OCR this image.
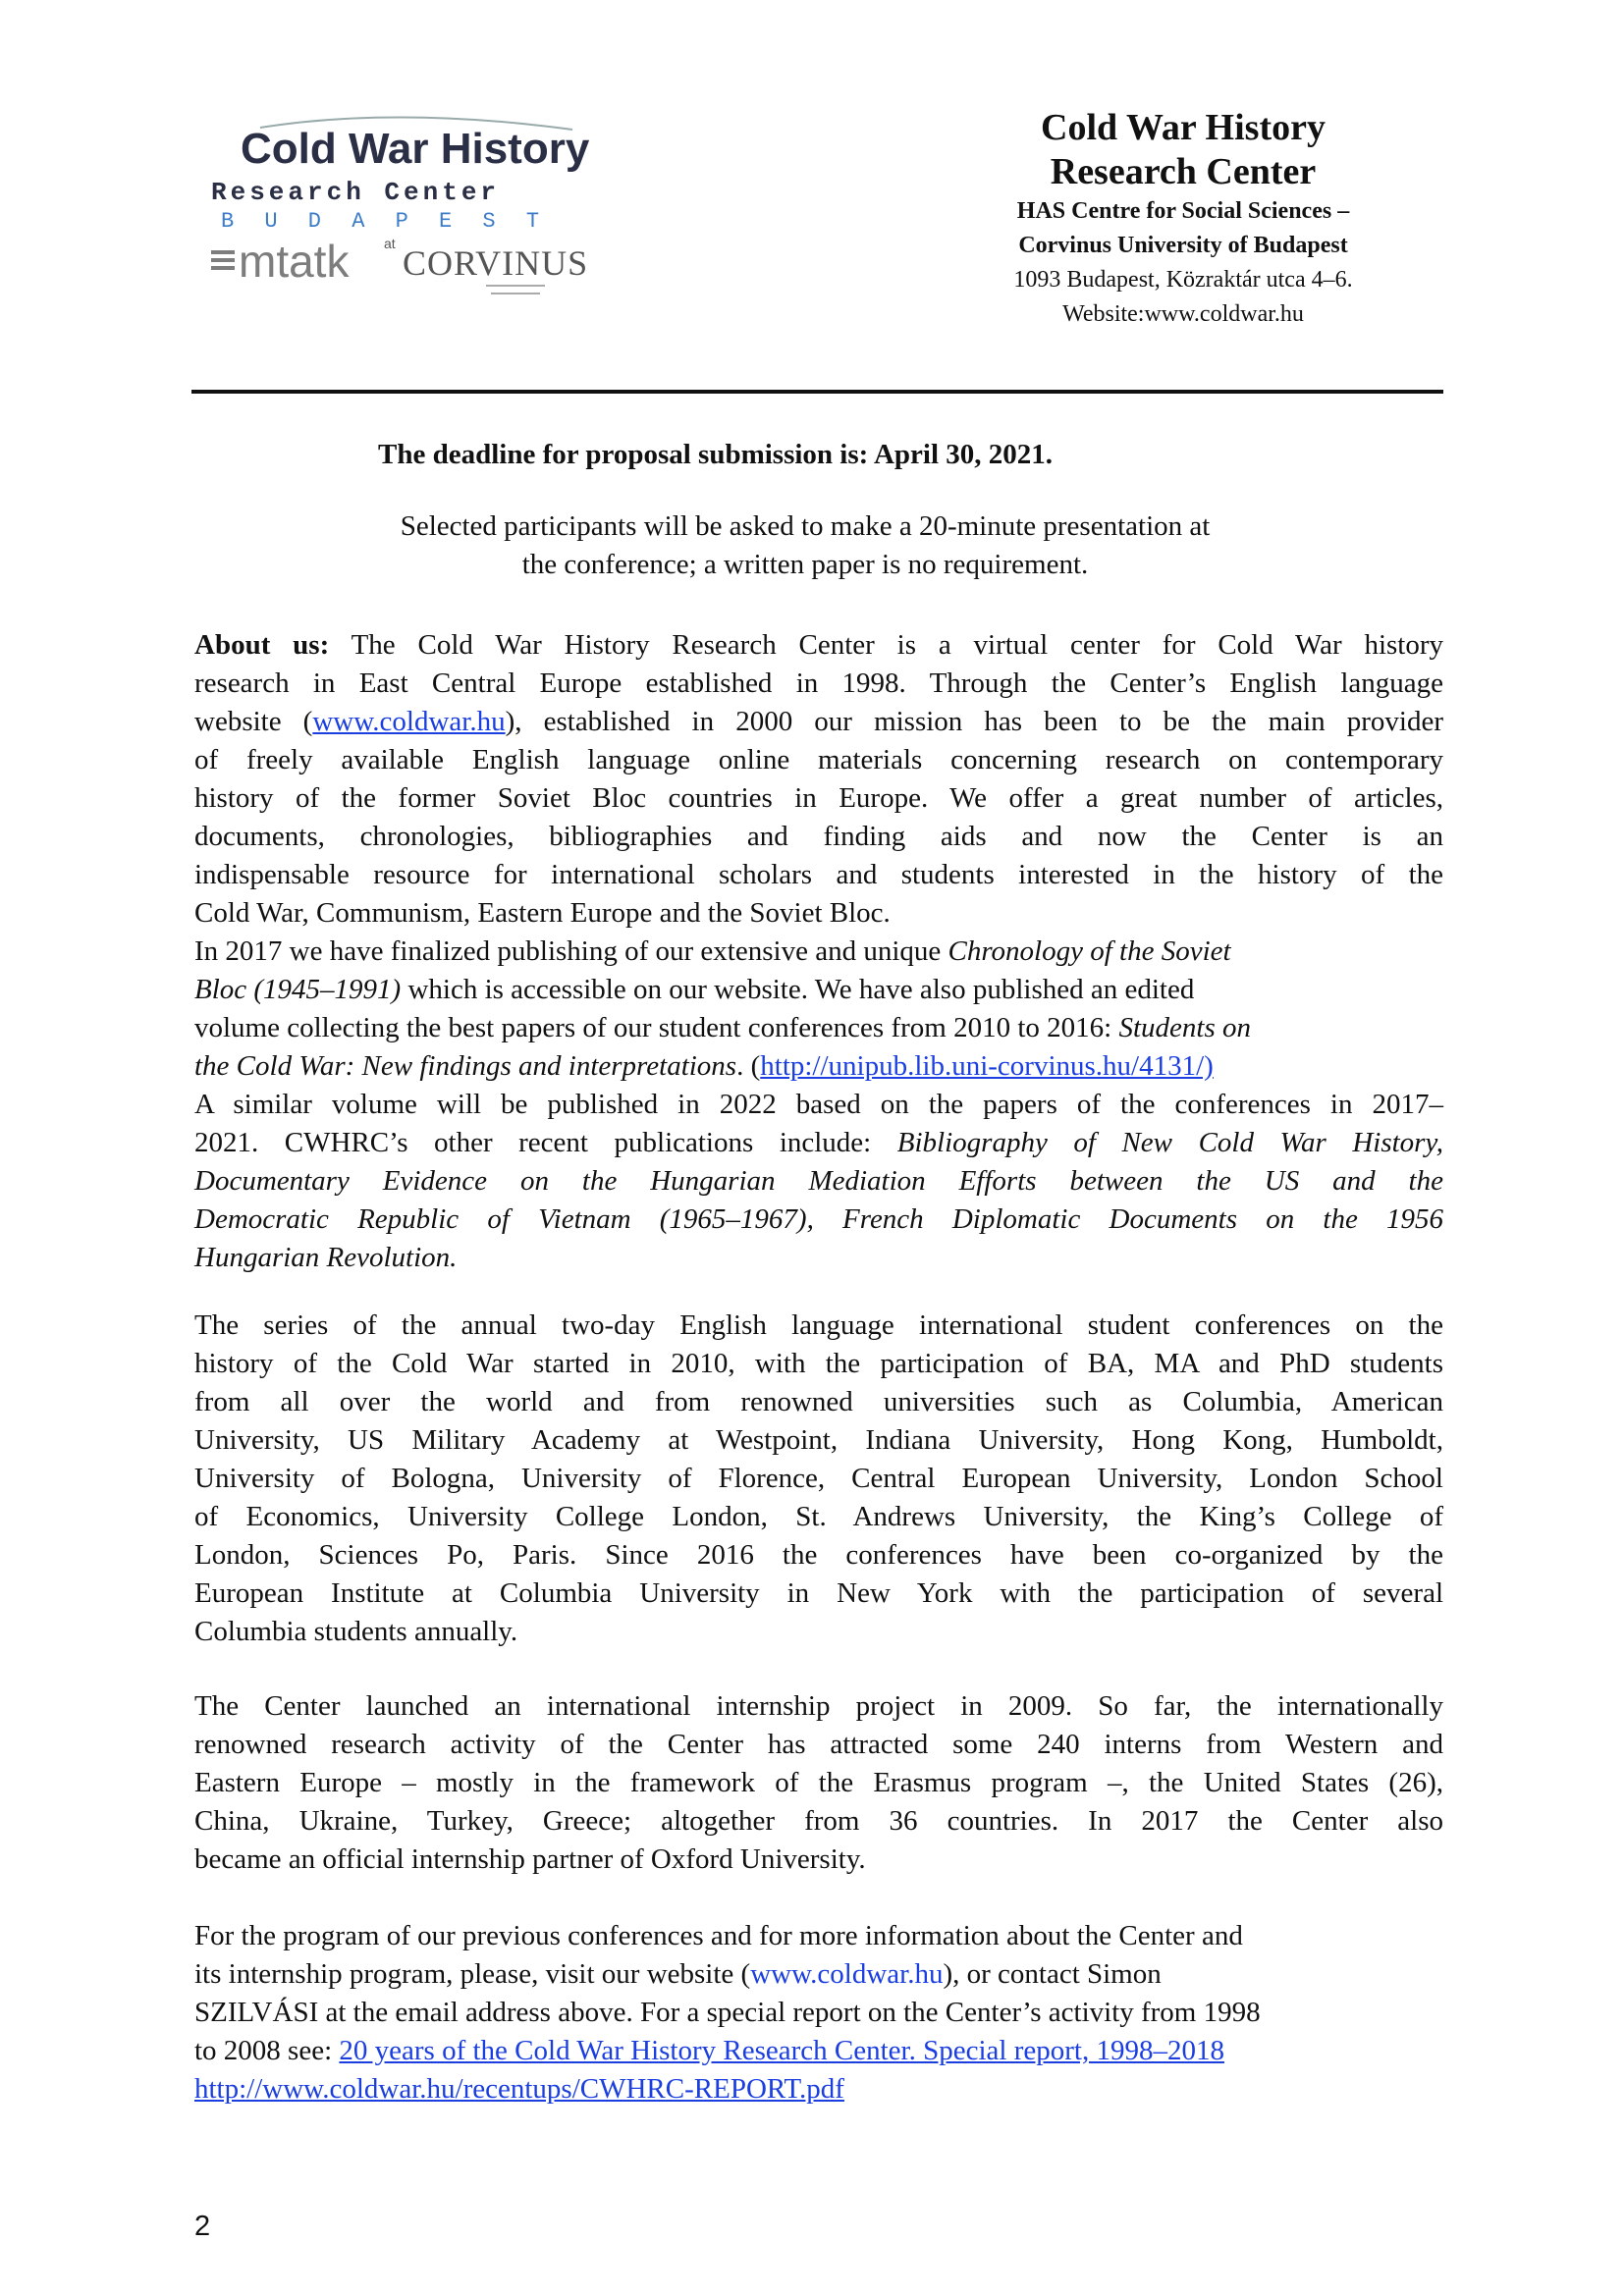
Cold War History
Research Center
B U D A P E S T
mtatk	at CORVINUS
Cold War History
Research Center
HAS Centre for Social Sciences –
Corvinus University of Budapest
1093 Budapest, Közraktár utca 4–6.
Website:www.coldwar.hu
The deadline for proposal submission is: April 30, 2021.
Selected participants will be asked to make a 20-minute presentation at
the conference; a written paper is no requirement.
About us: The Cold War History Research Center is a virtual center for Cold War history
research in East Central Europe established in 1998. Through the Center’s English language
website (www.coldwar.hu), established in 2000 our mission has been to be the main provider
of freely available English language online materials concerning research on contemporary
history of the former Soviet Bloc countries in Europe. We offer a great number of articles,
documents, chronologies, bibliographies and finding aids and now the Center is an
indispensable resource for international scholars and students interested in the history of the
Cold War, Communism, Eastern Europe and the Soviet Bloc.
In 2017 we have finalized publishing of our extensive and unique Chronology of the Soviet
Bloc (1945–1991) which is accessible on our website. We have also published an edited
volume collecting the best papers of our student conferences from 2010 to 2016: Students on
the Cold War: New findings and interpretations. (http://unipub.lib.uni-corvinus.hu/4131/)
A similar volume will be published in 2022 based on the papers of the conferences in 2017–
2021. CWHRC’s other recent publications include: Bibliography of New Cold War History,
Documentary Evidence on the Hungarian Mediation Efforts between the US and the
Democratic Republic of Vietnam (1965–1967), French Diplomatic Documents on the 1956
Hungarian Revolution.
The series of the annual two-day English language international student conferences on the
history of the Cold War started in 2010, with the participation of BA, MA and PhD students
from all over the world and from renowned universities such as Columbia, American
University, US Military Academy at Westpoint, Indiana University, Hong Kong, Humboldt,
University of Bologna, University of Florence, Central European University, London School
of Economics, University College London, St. Andrews University, the King’s College of
London, Sciences Po, Paris. Since 2016 the conferences have been co-organized by the
European Institute at Columbia University in New York with the participation of several
Columbia students annually.
The Center launched an international internship project in 2009. So far, the internationally
renowned research activity of the Center has attracted some 240 interns from Western and
Eastern Europe – mostly in the framework of the Erasmus program –, the United States (26),
China, Ukraine, Turkey, Greece; altogether from 36 countries. In 2017 the Center also
became an official internship partner of Oxford University.
For the program of our previous conferences and for more information about the Center and
its internship program, please, visit our website (www.coldwar.hu), or contact Simon
SZILVÁSI at the email address above. For a special report on the Center’s activity from 1998
to 2008 see: 20 years of the Cold War History Research Center. Special report, 1998–2018
http://www.coldwar.hu/recentups/CWHRC-REPORT.pdf
2
